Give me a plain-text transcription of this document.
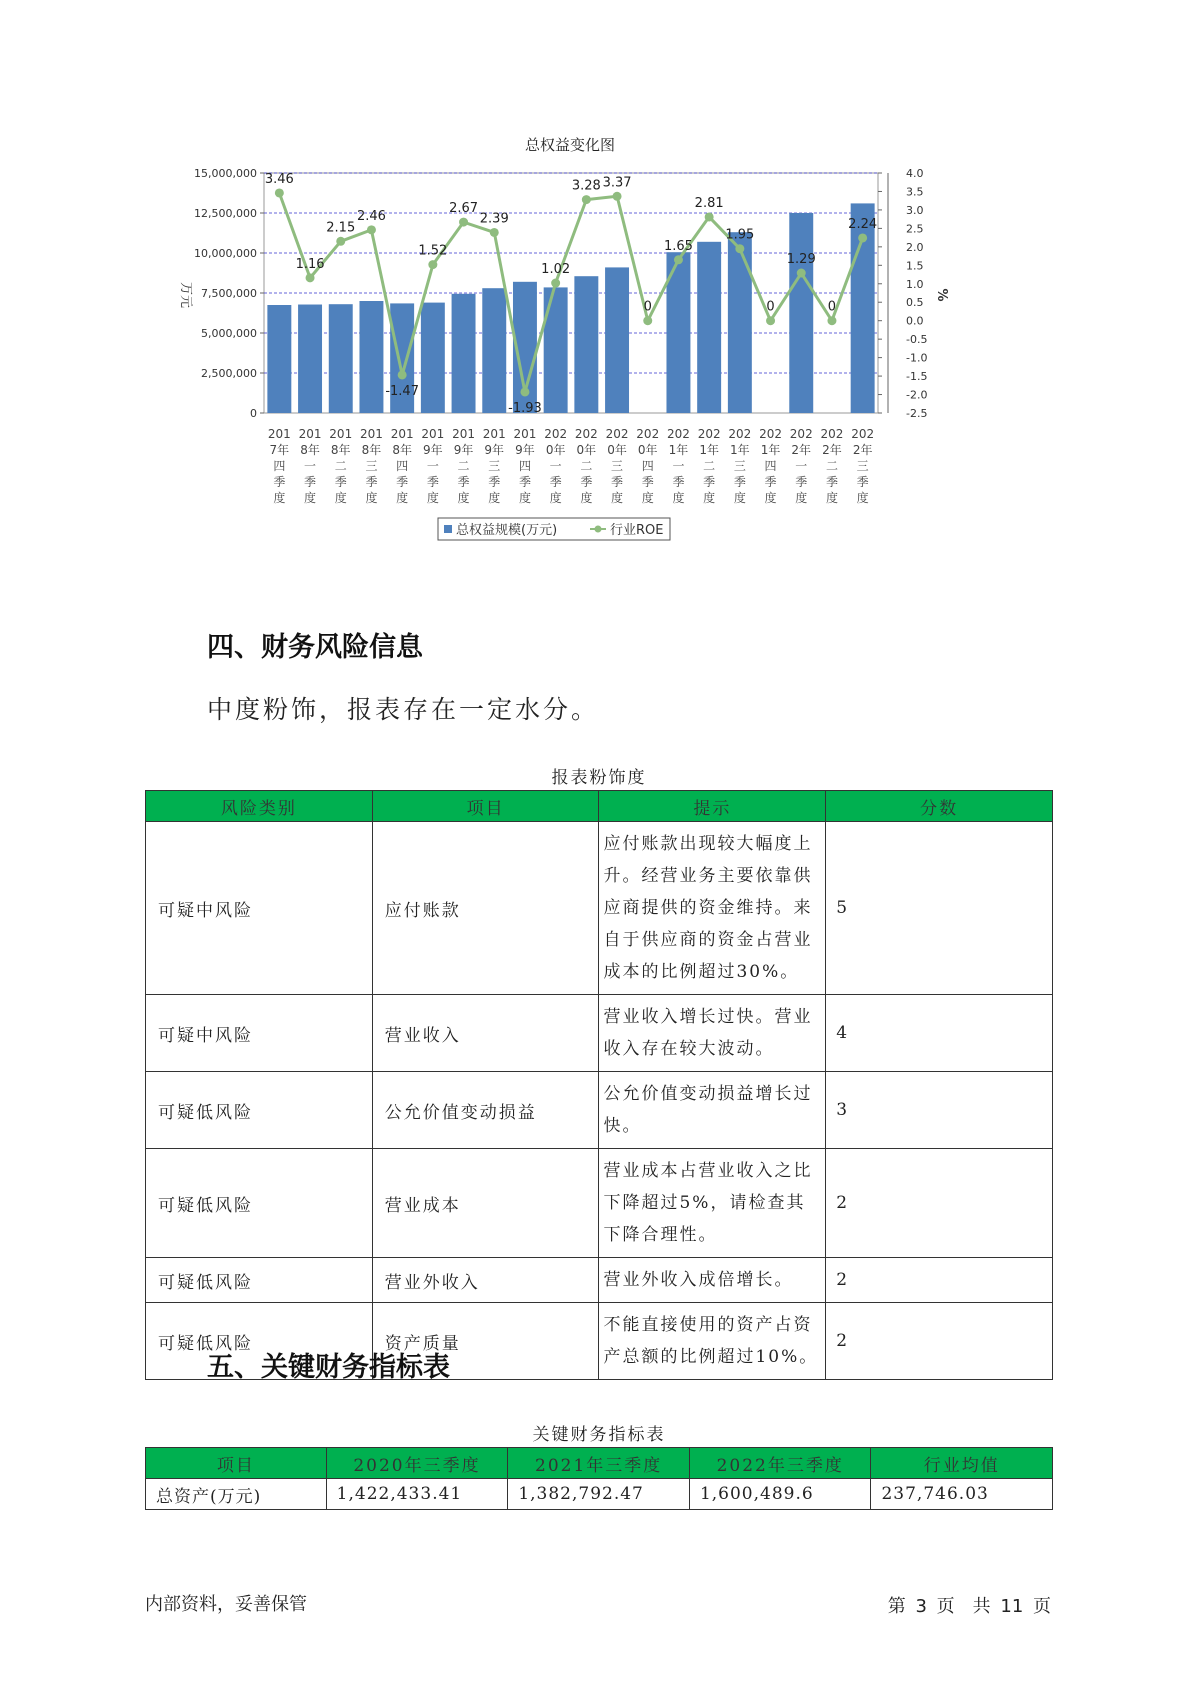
总权益变化图
15,000,000
12,500,000
10,000,000
7,500,000
5,000,000
2,500,000
0
4.0
3.5
3.0
2.5
2.0
1.5
1.0
0.5
0.0
-0.5
-1.0
-1.5
-2.0
-2.5
万元	%
3.46
1.16
2.15
2.46
-1.47
1.52
2.67
2.39
-1.93
1.02
3.28 3.37
0
1.65
2.81
1.95
0
1.29
0
2.24
201
7年
四
季
度
201
8年
一
季
度
201
8年
二
季
度
201
8年
三
季
度
201
8年
四
季
度
201
9年
一
季
度
201
9年
二
季
度
201
9年
三
季
度
201
9年
四
季
度
202
0年
一
季
度
202
0年
二
季
度
202
0年
三
季
度
202
0年
四
季
度
202
1年
一
季
度
202
1年
二
季
度
202
1年
三
季
度
202
1年
四
季
度
202
2年
一
季
度
202
2年
二
季
度
202
2年
三
季
度
总权益规模(万元)	行业ROE
四、财务风险信息

中度粉饰，报表存在一定水分。

报表粉饰度
风险类别	项目	提示	分数
可疑中风险	应付账款	应付账款出现较大幅度上升。经营业务主要依靠供应商提供的资金维持。来自于供应商的资金占营业成本的比例超过30%。	5
可疑中风险	营业收入	营业收入增长过快。营业收入存在较大波动。	4
可疑低风险	公允价值变动损益	公允价值变动损益增长过快。	3
可疑低风险	营业成本	营业成本占营业收入之比下降超过5%，请检查其下降合理性。	2
可疑低风险	营业外收入	营业外收入成倍增长。	2
可疑低风险	资产质量	不能直接使用的资产占资产总额的比例超过10%。	2
五、关键财务指标表
关键财务指标表
项目	2020年三季度	2021年三季度	2022年三季度	行业均值
总资产(万元)	1,422,433.41	1,382,792.47	1,600,489.6	237,746.03
内部资料，妥善保管	第 3 页　共 11 页
